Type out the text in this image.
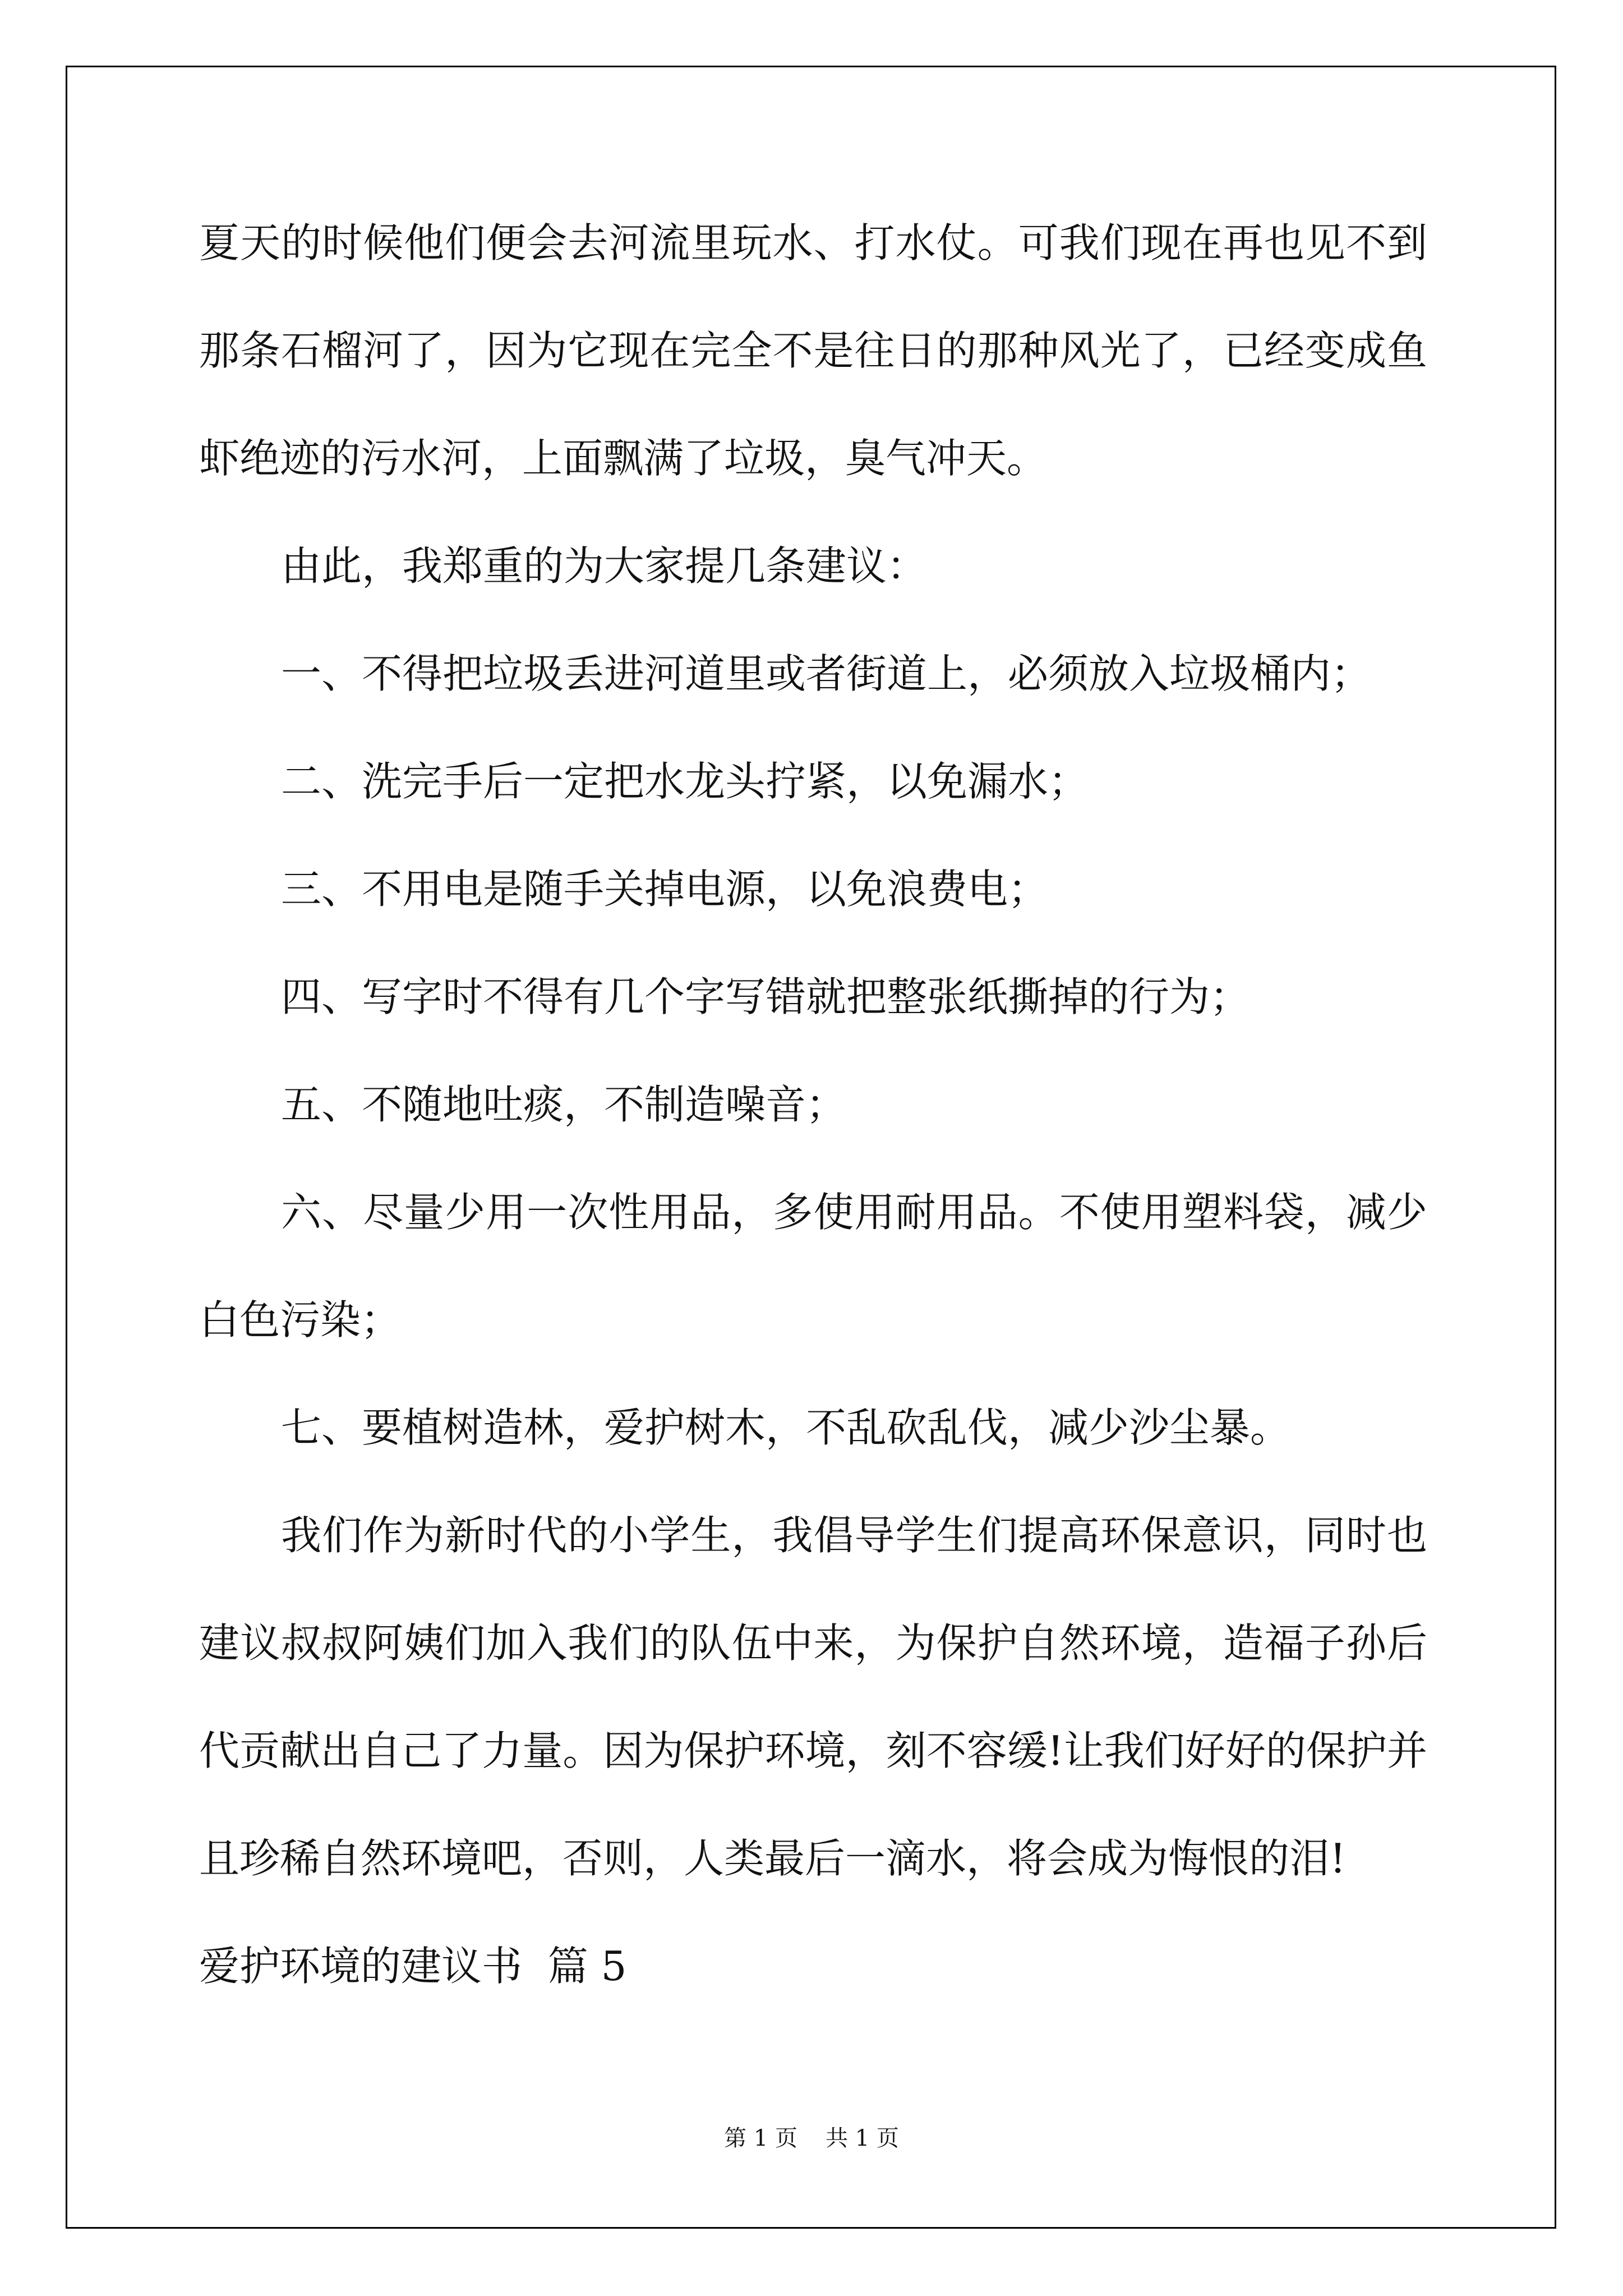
夏天的时候他们便会去河流里玩水、打水仗。可我们现在再也见不到
那条石榴河了，因为它现在完全不是往日的那种风光了，已经变成鱼
虾绝迹的污水河，上面飘满了垃圾，臭气冲天。
由此，我郑重的为大家提几条建议：
一、不得把垃圾丢进河道里或者街道上，必须放入垃圾桶内；
二、洗完手后一定把水龙头拧紧，以免漏水；
三、不用电是随手关掉电源，以免浪费电；
四、写字时不得有几个字写错就把整张纸撕掉的行为；
五、不随地吐痰，不制造噪音；
六、尽量少用一次性用品，多使用耐用品。不使用塑料袋，减少
白色污染；
七、要植树造林，爱护树木，不乱砍乱伐，减少沙尘暴。
我们作为新时代的小学生，我倡导学生们提高环保意识，同时也
建议叔叔阿姨们加入我们的队伍中来，为保护自然环境，造福子孙后
代贡献出自己了力量。因为保护环境，刻不容缓!让我们好好的保护并
且珍稀自然环境吧，否则，人类最后一滴水，将会成为悔恨的泪!
爱护环境的建议书  篇 5
第 1 页 共 1 页
